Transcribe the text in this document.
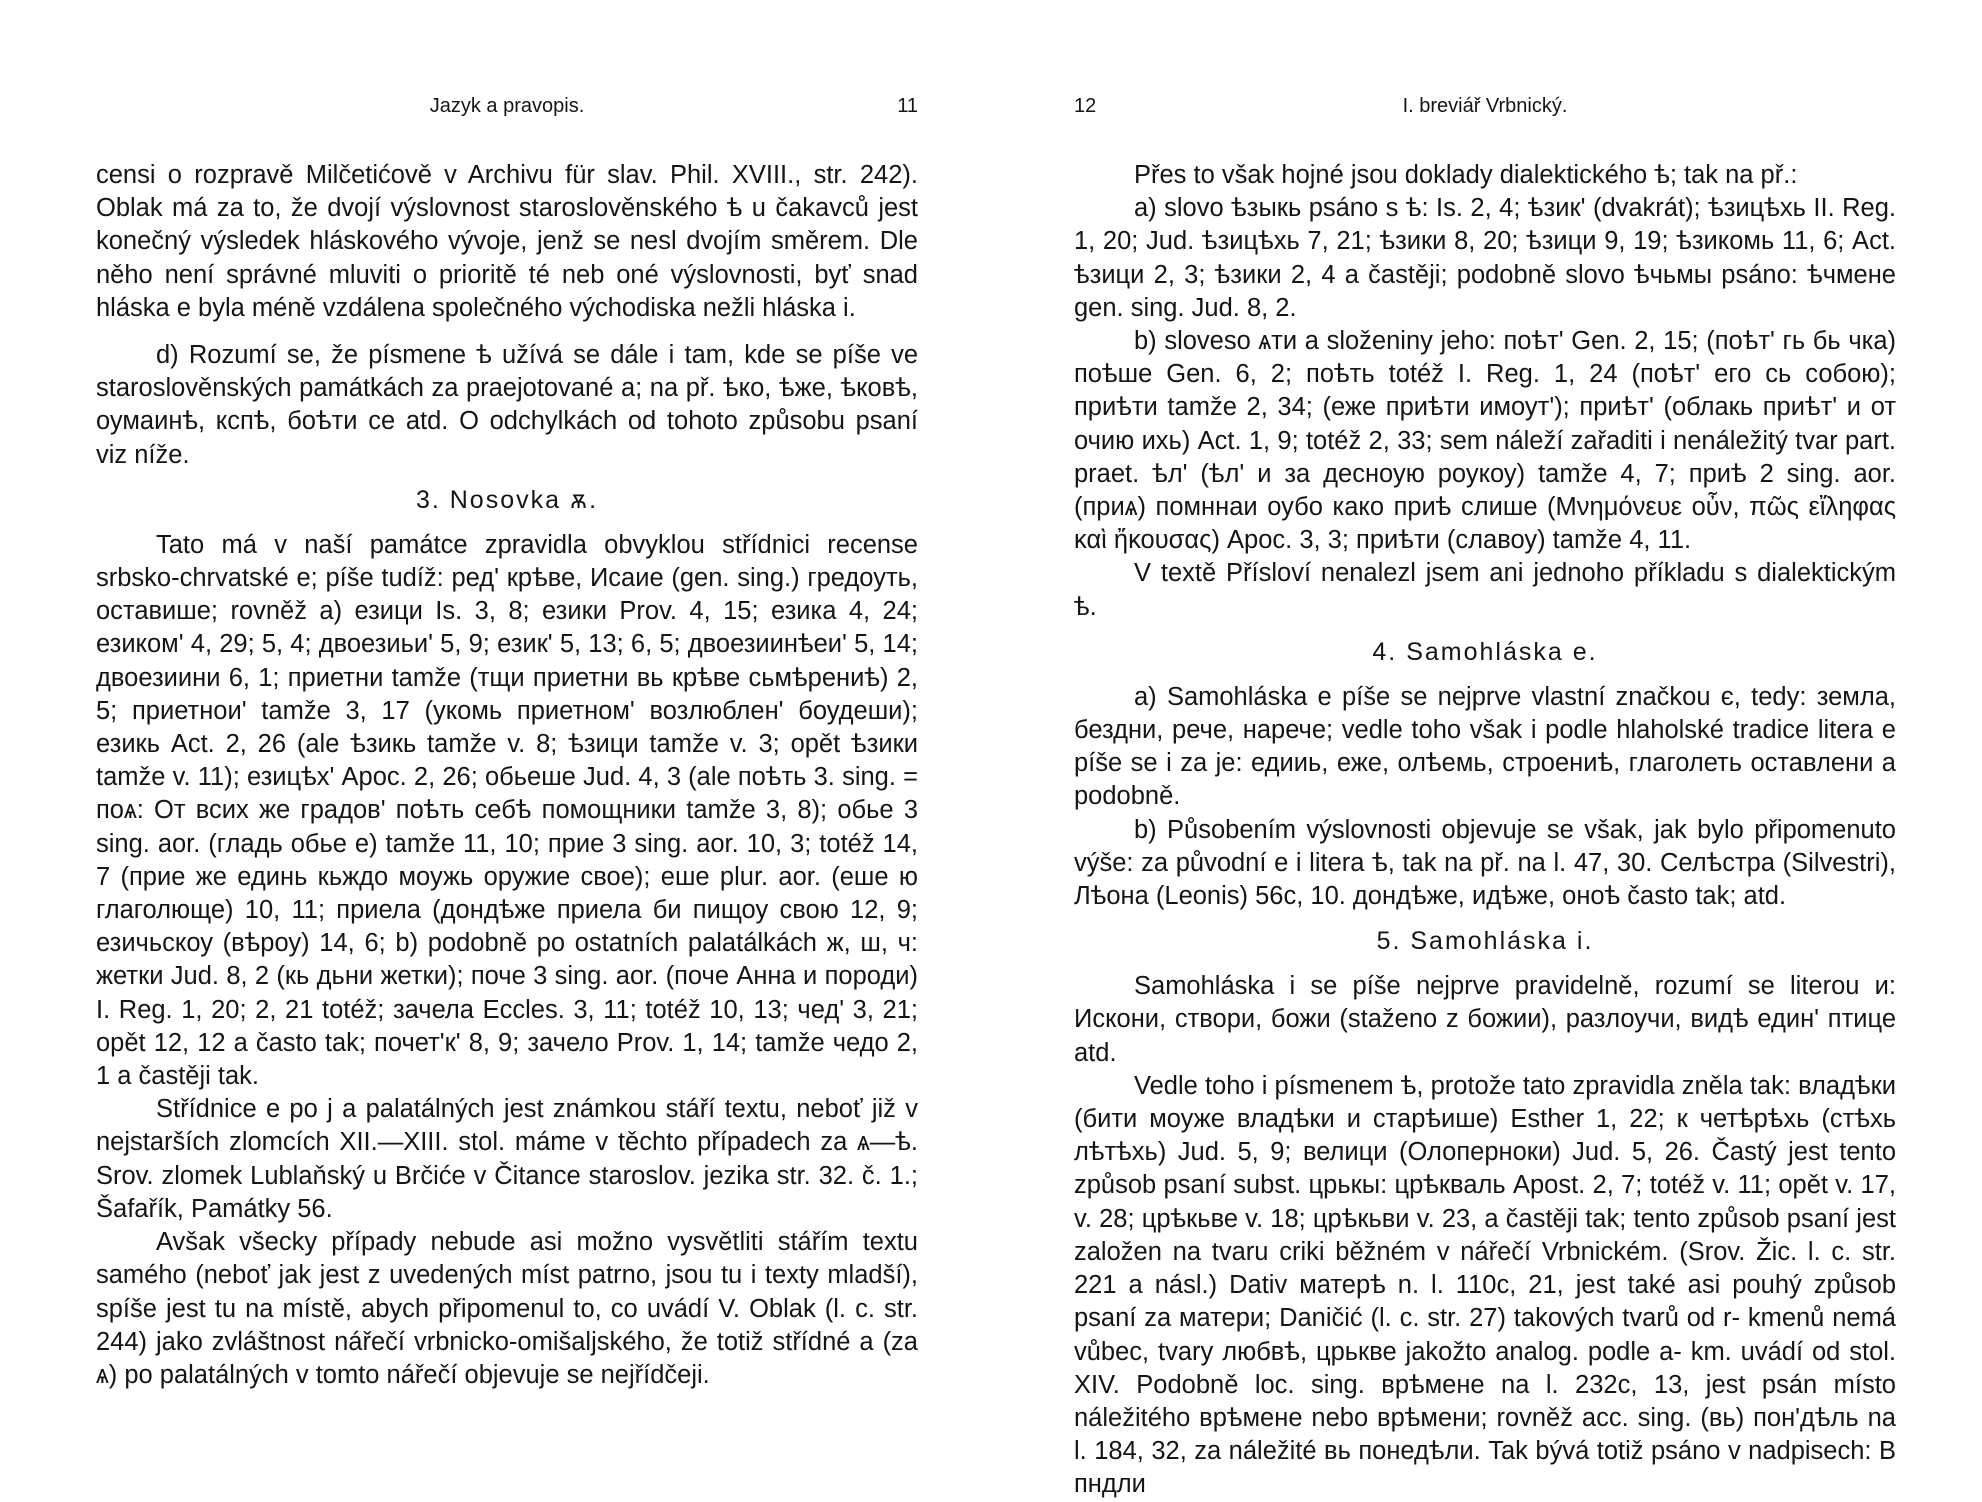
Jazyk a pravopis.	11

censi o rozpravě Milčetićově v Archivu für slav. Phil. XVIII., str. 242). Oblak má za to, že dvojí výslovnost staroslověnského ѣ u čakavců jest konečný výsledek hláskového vývoje, jenž se nesl dvojím směrem. Dle něho není správné mluviti o prioritě té neb oné výslovnosti, byť snad hláska e byla méně vzdálena společného východiska nežli hláska i.

d) Rozumí se, že písmene ѣ užívá se dále i tam, kde se píše ve staroslověnských památkách za praejotované a; na př. ѣко, ѣже, ѣковѣ, оумаинѣ, кспѣ, боѣти се atd. O odchylkách od tohoto způsobu psaní viz níže.

3. Nosovka ѫ.

Tato má v naší památce zpravidla obvyklou střídnici recense srbsko-chrvatské e; píše tudíž: ред' крѣве, Исаие (gen. sing.) гредоуть, оставише; rovněž a) езици Is. 3, 8; езики Prov. 4, 15; езика 4, 24; езиком' 4, 29; 5, 4; двоезиьи' 5, 9; език' 5, 13; 6, 5; двоезиинѣеи' 5, 14; двоезиини 6, 1; приетни tamže (тщи приетни вь крѣве сьмѣрениѣ) 2, 5; приетнои' tamže 3, 17 (укомь приетном' возлюблен' боудеши); езикь Act. 2, 26 (ale ѣзикь tamže v. 8; ѣзици tamže v. 3; opět ѣзики tamže v. 11); езицѣх' Apoc. 2, 26; обьеше Jud. 4, 3 (ale поѣть 3. sing. = поѧ: От всих же градов' поѣть себѣ помощники tamže 3, 8); обье 3 sing. aor. (гладь обье е) tamže 11, 10; прие 3 sing. aor. 10, 3; totéž 14, 7 (прие же единь кьждо моужь оружие свое); еше plur. aor. (еше ю глаголюще) 10, 11; приела (дондѣже приела би пищоу свою 12, 9; езичьскоу (вѣроу) 14, 6; b) podobně po ostatních palatálkách ж, ш, ч: жетки Jud. 8, 2 (кь дьни жетки); поче 3 sing. aor. (поче Анна и породи) I. Reg. 1, 20; 2, 21 totéž; зачела Eccles. 3, 11; totéž 10, 13; чед' 3, 21; opět 12, 12 a často tak; почет'к' 8, 9; зачело Prov. 1, 14; tamže чедо 2, 1 a častěji tak.

Střídnice e po j a palatálných jest známkou stáří textu, neboť již v nejstarších zlomcích XII.—XIII. stol. máme v těchto případech za ѧ—ѣ. Srov. zlomek Lublaňský u Brčiće v Čitance staroslov. jezika str. 32. č. 1.; Šafařík, Památky 56.

Avšak všecky případy nebude asi možno vysvětliti stářím textu samého (neboť jak jest z uvedených míst patrno, jsou tu i texty mladší), spíše jest tu na místě, abych připomenul to, co uvádí V. Oblak (l. c. str. 244) jako zvláštnost nářečí vrbnicko-omišaljského, že totiž střídné a (za ѧ) po palatálných v tomto nářečí objevuje se nejřídčeji.

12	I. breviář Vrbnický.

Přes to však hojné jsou doklady dialektického ѣ; tak na př.:

a) slovo ѣзыкь psáno s ѣ: Is. 2, 4; ѣзик' (dvakrát); ѣзицѣхь II. Reg. 1, 20; Jud. ѣзицѣхь 7, 21; ѣзики 8, 20; ѣзици 9, 19; ѣзикомь 11, 6; Act. ѣзици 2, 3; ѣзики 2, 4 a častěji; podobně slovo ѣчьмы psáno: ѣчмене gen. sing. Jud. 8, 2.

b) sloveso ѧти a složeniny jeho: поѣт' Gen. 2, 15; (поѣт' гь бь чка) поѣше Gen. 6, 2; поѣть totéž I. Reg. 1, 24 (поѣт' его сь собою); приѣти tamže 2, 34; (еже приѣти имоут'); приѣт' (облакь приѣт' и от очию ихь) Act. 1, 9; totéž 2, 33; sem náleží zařaditi i nenáležitý tvar part. praet. ѣл' (ѣл' и за десноую роукоу) tamže 4, 7; приѣ 2 sing. aor. (приѧ) помннаи оубо како приѣ слише (Μνημόνευε οὖν, πῶς εἴληφας καὶ ἤκουσας) Apoc. 3, 3; приѣти (славоу) tamže 4, 11.

V textě Přísloví nenalezl jsem ani jednoho příkladu s dialektickým ѣ.

4. Samohláska e.

a) Samohláska e píše se nejprve vlastní značkou є, tedy: земла, бездни, рече, нарече; vedle toho však i podle hlaholské tradice litera e píše se i za je: едииь, еже, олѣемь, строениѣ, глаголеть оставлени a podobně.

b) Působením výslovnosti objevuje se však, jak bylo připomenuto výše: za původní e i litera ѣ, tak na př. na l. 47, 30. Селѣстра (Silvestri), Лѣона (Leonis) 56c, 10. дондѣже, идѣже, оноѣ často tak; atd.

5. Samohláska i.

Samohláska i se píše nejprve pravidelně, rozumí se literou и: Искони, створи, божи (staženo z божии), разлоучи, видѣ един' птице atd.

Vedle toho i písmenem ѣ, protože tato zpravidla zněla tak: владѣки (бити моуже владѣки и старѣише) Esther 1, 22; к четѣрѣхь (стѣхь лѣтѣхь) Jud. 5, 9; велици (Олоперноки) Jud. 5, 26. Častý jest tento způsob psaní subst. црькы: црѣкваль Apost. 2, 7; totéž v. 11; opět v. 17, v. 28; црѣкьве v. 18; црѣкьви v. 23, a častěji tak; tento způsob psaní jest založen na tvaru criki běžném v nářečí Vrbnickém. (Srov. Žic. l. c. str. 221 a násl.) Dativ матерѣ n. l. 110c, 21, jest také asi pouhý způsob psaní za матери; Daničić (l. c. str. 27) takových tvarů od r- kmenů nemá vůbec, tvary любвѣ, црькве jakožto analog. podle a- km. uvádí od stol. XIV. Podobně loc. sing. врѣмене na l. 232c, 13, jest psán místo náležitého врѣмене nebo врѣмени; rovněž acc. sing. (вь) пон'дѣль na l. 184, 32, za náležité вь понедѣли. Tak bývá totiž psáno v nadpisech: В пндли
